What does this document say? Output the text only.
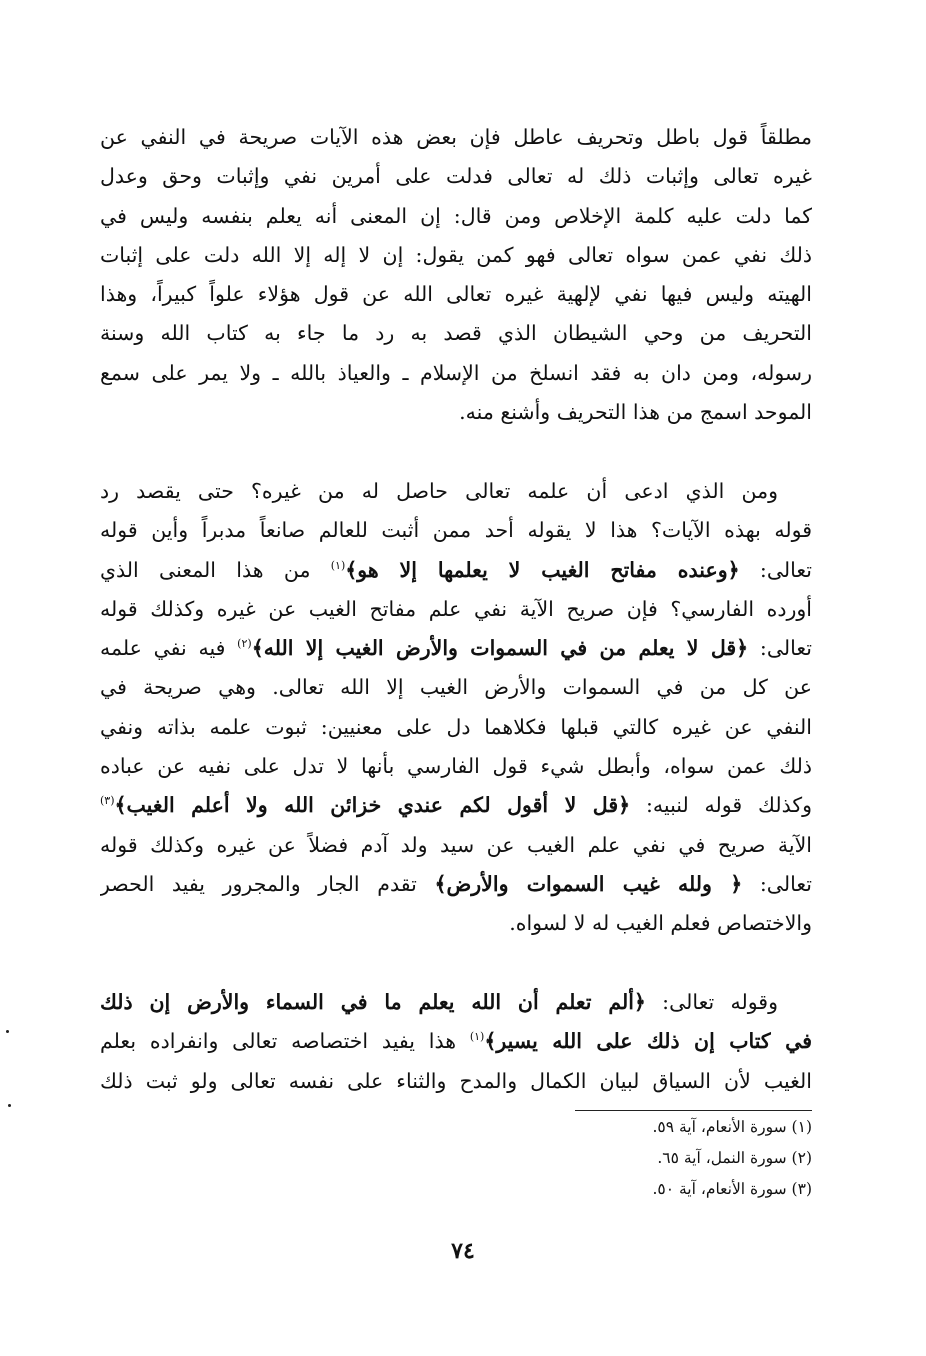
مطلقاً قول باطل وتحريف عاطل فإن بعض هذه الآيات صريحة في النفي عن
غيره تعالى وإثبات ذلك له تعالى فدلت على أمرين نفي وإثبات وحق وعدل
كما دلت عليه كلمة الإخلاص ومن قال: إن المعنى أنه يعلم بنفسه وليس في
ذلك نفي عمن سواه تعالى فهو كمن يقول: إن لا إله إلا الله دلت على إثبات
الهيته وليس فيها نفي لإلهية غيره تعالى الله عن قول هؤلاء علواً كبيراً، وهذا
التحريف من وحي الشيطان الذي قصد به رد ما جاء به كتاب الله وسنة
رسوله، ومن دان به فقد انسلخ من الإسلام ـ والعياذ بالله ـ ولا يمر على سمع
الموحد اسمج من هذا التحريف وأشنع منه.
ومن الذي ادعى أن علمه تعالى حاصل له من غيره؟ حتى يقصد رد
قوله بهذه الآيات؟ هذا لا يقوله أحد ممن أثبت للعالم صانعاً مدبراً وأين قوله
تعالى: ﴿وعنده مفاتح الغيب لا يعلمها إلا هو﴾$^{(١)}$ من هذا المعنى الذي
أورده الفارسي؟ فإن صريح الآية نفي علم مفاتح الغيب عن غيره وكذلك قوله
تعالى: ﴿قل لا يعلم من في السموات والأرض الغيب إلا الله﴾$^{(٢)}$ فيه نفي علمه
عن كل من في السموات والأرض الغيب إلا الله تعالى. وهي صريحة في
النفي عن غيره كالتي قبلها فكلاهما دل على معنيين: ثبوت علمه بذاته ونفي
ذلك عمن سواه، وأبطل شيء قول الفارسي بأنها لا تدل على نفيه عن عباده
وكذلك قوله لنبيه: ﴿قل لا أقول لكم عندي خزائن الله ولا أعلم الغيب﴾$^{(٣)}$
الآية صريح في نفي علم الغيب عن سيد ولد آدم فضلاً عن غيره وكذلك قوله
تعالى: ﴿ ولله غيب السموات والأرض﴾ تقدم الجار والمجرور يفيد الحصر
والاختصاص فعلم الغيب له لا لسواه.
وقوله تعالى: ﴿ألم تعلم أن الله يعلم ما في السماء والأرض إن ذلك
في كتاب إن ذلك على الله يسير﴾$^{(١)}$ هذا يفيد اختصاصه تعالى وانفراده بعلم
الغيب لأن السياق لبيان الكمال والمدح والثناء على نفسه تعالى ولو ثبت ذلك
(١) سورة الأنعام، آية ٥٩.
(٢) سورة النمل، آية ٦٥.
(٣) سورة الأنعام، آية ٥٠.
٧٤
